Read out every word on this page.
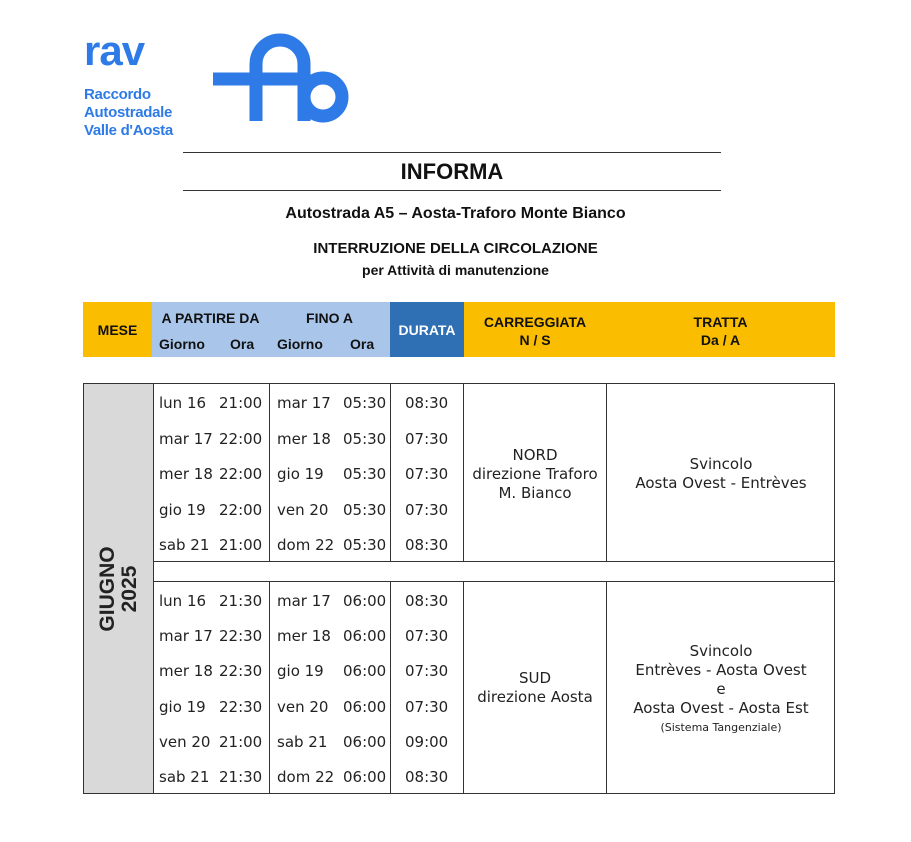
rav
Raccordo
Autostradale
Valle d'Aosta
INFORMA
Autostrada A5 – Aosta-Traforo Monte Bianco
INTERRUZIONE DELLA CIRCOLAZIONE
per Attività di manutenzione
MESE
A PARTIRE DA
Giorno Ora
FINO A
Giorno Ora
DURATA	CARREGGIATA
N / S
TRATTA
Da / A
GIUGNO 2025
lun 16 21:00 mar 17 05:30 08:30
mar 17 22:00 mer 18 05:30 07:30
mer 18 22:00 gio 19 05:30 07:30
gio 19 22:00 ven 20 05:30 07:30
sab 21 21:00 dom 22 05:30 08:30
lun 16 21:30 mar 17 06:00 08:30
mar 17 22:30 mer 18 06:00 07:30
mer 18 22:30 gio 19 06:00 07:30
gio 19 22:30 ven 20 06:00 07:30
ven 20 21:00 sab 21 06:00 09:00
sab 21 21:30 dom 22 06:00 08:30
NORD
direzione Traforo
M. Bianco
Svincolo
Aosta Ovest - Entrèves
SUD
direzione Aosta
Svincolo
Entrèves - Aosta Ovest
e
Aosta Ovest - Aosta Est
(Sistema Tangenziale)
